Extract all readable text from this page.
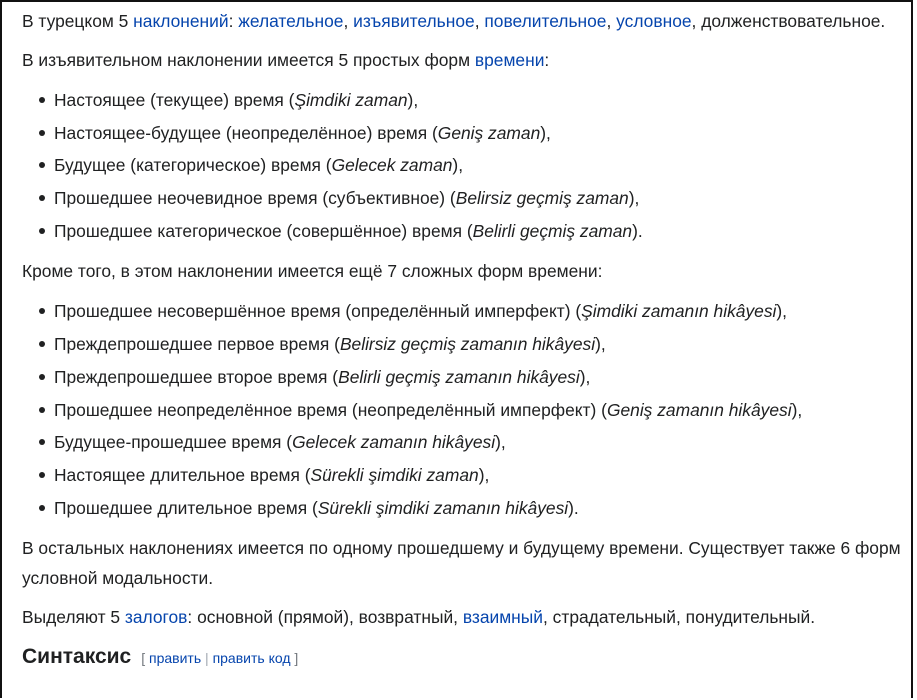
В турецком 5 наклонений: желательное, изъявительное, повелительное, условное, долженствовательное.

В изъявительном наклонении имеется 5 простых форм времени:

Настоящее (текущее) время (Şimdiki zaman),
Настоящее-будущее (неопределённое) время (Geniş zaman),
Будущее (категорическое) время (Gelecek zaman),
Прошедшее неочевидное время (субъективное) (Belirsiz geçmiş zaman),
Прошедшее категорическое (совершённое) время (Belirli geçmiş zaman).

Кроме того, в этом наклонении имеется ещё 7 сложных форм времени:

Прошедшее несовершённое время (определённый имперфект) (Şimdiki zamanın hikâyesi),
Преждепрошедшее первое время (Belirsiz geçmiş zamanın hikâyesi),
Преждепрошедшее второе время (Belirli geçmiş zamanın hikâyesi),
Прошедшее неопределённое время (неопределённый имперфект) (Geniş zamanın hikâyesi),
Будущее-прошедшее время (Gelecek zamanın hikâyesi),
Настоящее длительное время (Sürekli şimdiki zaman),
Прошедшее длительное время (Sürekli şimdiki zamanın hikâyesi).

В остальных наклонениях имеется по одному прошедшему и будущему времени. Существует также 6 форм условной модальности.

Выделяют 5 залогов: основной (прямой), возвратный, взаимный, страдательный, понудительный.

Синтаксис [ править | править код ]
